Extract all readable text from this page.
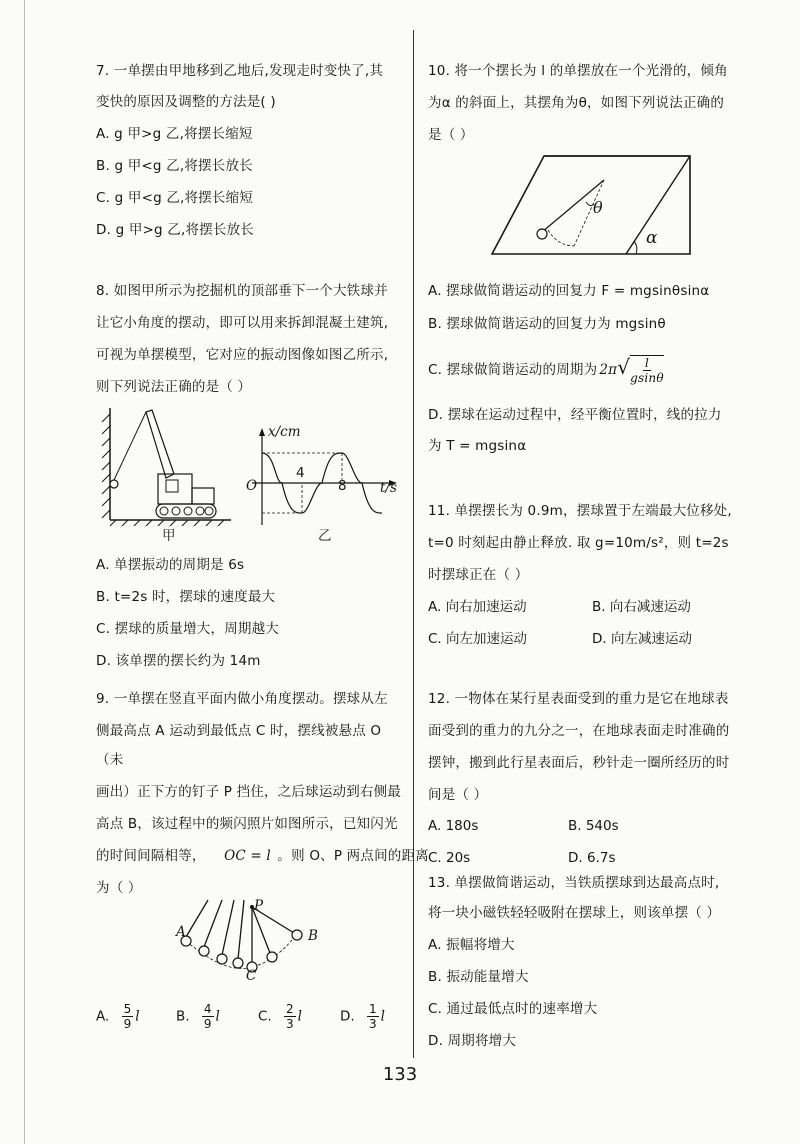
7. 一单摆由甲地移到乙地后,发现走时变快了,其

变快的原因及调整的方法是( )

A. g 甲>g 乙,将摆长缩短

B. g 甲<g 乙,将摆长放长

C. g 甲<g 乙,将摆长缩短

D. g 甲>g 乙,将摆长放长

8. 如图甲所示为挖掘机的顶部垂下一个大铁球并

让它小角度的摆动，即可以用来拆卸混凝土建筑,

可视为单摆模型，它对应的振动图像如图乙所示,

则下列说法正确的是（ ）

甲
x/cm
O
4
8 t/s
乙

A. 单摆振动的周期是 6s

B. t=2s 时，摆球的速度最大

C. 摆球的质量增大，周期越大

D. 该单摆的摆长约为 14m

9. 一单摆在竖直平面内做小角度摆动。摆球从左

侧最高点 A 运动到最低点 C 时，摆线被悬点 O（未

画出）正下方的钉子 P 挡住，之后球运动到右侧最

高点 B，该过程中的频闪照片如图所示，已知闪光

的时间间隔相等， OC = l 。则 O、P 两点间的距离

为（ ）

P
A	B
C
A. $\frac{5}{9}$ l	B. $\frac{4}{9}$ l	C. $\frac{2}{3}$ l	D. $\frac{1}{3}$ l

10. 将一个摆长为 l 的单摆放在一个光滑的，倾角

为α 的斜面上，其摆角为θ，如图下列说法正确的

是（ ）

θ
α

A. 摆球做简谐运动的回复力 F = mgsinθsinα

B. 摆球做简谐运动的回复力为 mgsinθ

C. 摆球做简谐运动的周期为 $2\pi√ \frac{l}{gsin\theta}$

D. 摆球在运动过程中，经平衡位置时，线的拉力

为 T = mgsinα

11. 单摆摆长为 0.9m，摆球置于左端最大位移处,

t=0 时刻起由静止释放. 取 g=10m/s²，则 t=2s

时摆球正在（ ）

A. 向右加速运动	B. 向右减速运动
C. 向左加速运动	D. 向左减速运动

12. 一物体在某行星表面受到的重力是它在地球表

面受到的重力的九分之一，在地球表面走时准确的

摆钟，搬到此行星表面后，秒针走一圈所经历的时

间是（ ）

A. 180s	B. 540s
C. 20s	D. 6.7s

13. 单摆做简谐运动，当铁质摆球到达最高点时,

将一块小磁铁轻轻吸附在摆球上，则该单摆（ ）

A. 振幅将增大

B. 振动能量增大

C. 通过最低点时的速率增大

D. 周期将增大

133
